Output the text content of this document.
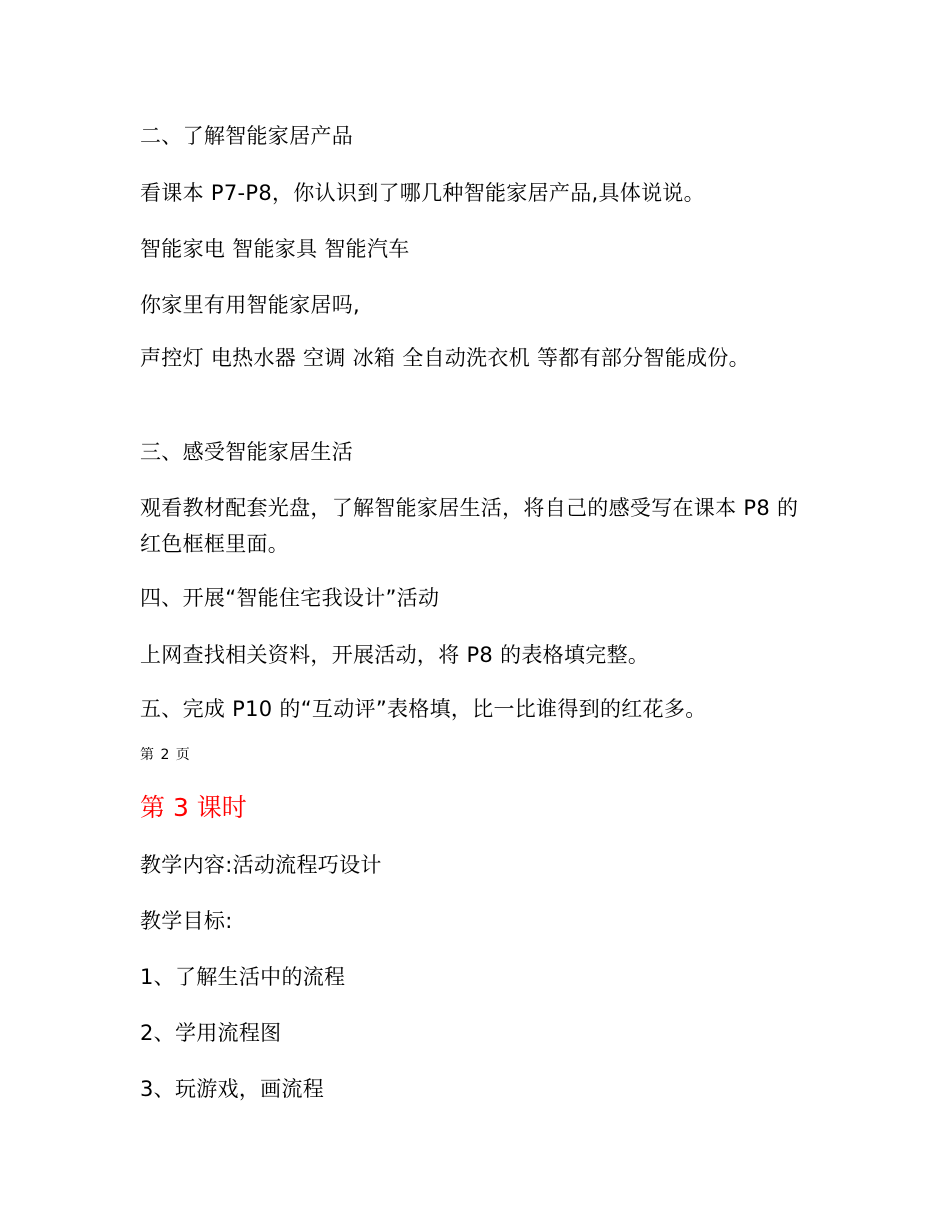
二、了解智能家居产品
看课本 P7-P8，你认识到了哪几种智能家居产品,具体说说。
智能家电 智能家具 智能汽车
你家里有用智能家居吗,
声控灯 电热水器 空调 冰箱 全自动洗衣机 等都有部分智能成份。
三、感受智能家居生活
观看教材配套光盘，了解智能家居生活，将自己的感受写在课本 P8 的红色框框里面。
四、开展“智能住宅我设计”活动
上网查找相关资料，开展活动，将 P8 的表格填完整。
五、完成 P10 的“互动评”表格填，比一比谁得到的红花多。
第 2 页
第 3 课时
教学内容:活动流程巧设计
教学目标:
1、了解生活中的流程
2、学用流程图
3、玩游戏，画流程
